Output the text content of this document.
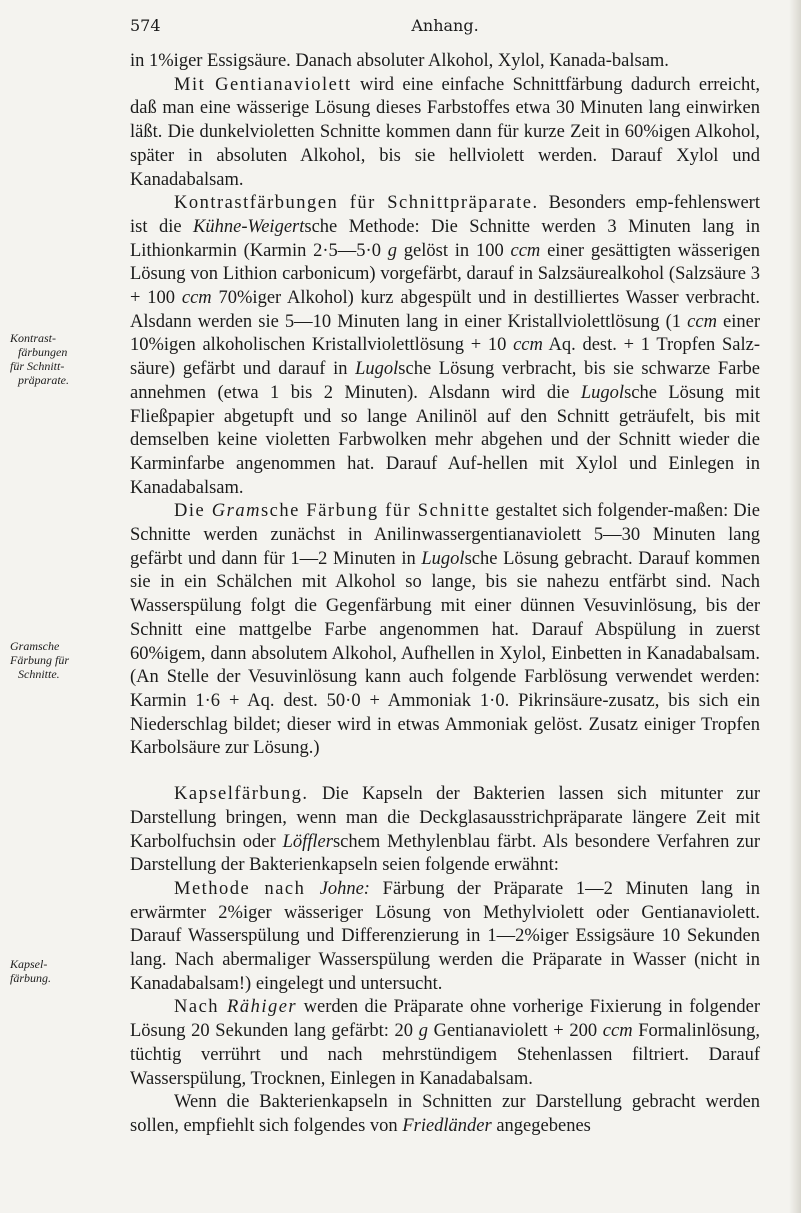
574	Anhang.
Kontrast-
färbungen
für Schnitt-
präparate.
Gramsche
Färbung für
Schnitte.
Kapsel-
färbung.

in 1%iger Essigsäure. Danach absoluter Alkohol, Xylol, Kanada-balsam.

Mit Gentianaviolett wird eine einfache Schnittfärbung dadurch erreicht, daß man eine wässerige Lösung dieses Farbstoffes etwa 30 Minuten lang einwirken läßt. Die dunkelvioletten Schnitte kommen dann für kurze Zeit in 60%igen Alkohol, später in absoluten Alkohol, bis sie hellviolett werden. Darauf Xylol und Kanadabalsam.

Kontrastfärbungen für Schnittpräparate. Besonders emp-fehlenswert ist die Kühne-Weigertsche Methode: Die Schnitte werden 3 Minuten lang in Lithionkarmin (Karmin 2·5—5·0 g gelöst in 100 ccm einer gesättigten wässerigen Lösung von Lithion carbonicum) vorgefärbt, darauf in Salzsäurealkohol (Salzsäure 3 + 100 ccm 70%iger Alkohol) kurz abgespült und in destilliertes Wasser verbracht. Alsdann werden sie 5—10 Minuten lang in einer Kristallviolettlösung (1 ccm einer 10%igen alkoholischen Kristallviolettlösung + 10 ccm Aq. dest. + 1 Tropfen Salz-säure) gefärbt und darauf in Lugolsche Lösung verbracht, bis sie schwarze Farbe annehmen (etwa 1 bis 2 Minuten). Alsdann wird die Lugolsche Lösung mit Fließpapier abgetupft und so lange Anilinöl auf den Schnitt geträufelt, bis mit demselben keine violetten Farbwolken mehr abgehen und der Schnitt wieder die Karminfarbe angenommen hat. Darauf Auf-hellen mit Xylol und Einlegen in Kanadabalsam.

Die Gramsche Färbung für Schnitte gestaltet sich folgender-maßen: Die Schnitte werden zunächst in Anilinwassergentianaviolett 5—30 Minuten lang gefärbt und dann für 1—2 Minuten in Lugolsche Lösung gebracht. Darauf kommen sie in ein Schälchen mit Alkohol so lange, bis sie nahezu entfärbt sind. Nach Wasserspülung folgt die Gegenfärbung mit einer dünnen Vesuvinlösung, bis der Schnitt eine mattgelbe Farbe angenommen hat. Darauf Abspülung in zuerst 60%igem, dann absolutem Alkohol, Aufhellen in Xylol, Einbetten in Kanadabalsam. (An Stelle der Vesuvinlösung kann auch folgende Farblösung verwendet werden: Karmin 1·6 + Aq. dest. 50·0 + Ammoniak 1·0. Pikrinsäure-zusatz, bis sich ein Niederschlag bildet; dieser wird in etwas Ammoniak gelöst. Zusatz einiger Tropfen Karbolsäure zur Lösung.)

Kapselfärbung. Die Kapseln der Bakterien lassen sich mitunter zur Darstellung bringen, wenn man die Deckglasausstrichpräparate längere Zeit mit Karbolfuchsin oder Löfflerschem Methylenblau färbt. Als besondere Verfahren zur Darstellung der Bakterienkapseln seien folgende erwähnt:

Methode nach Johne: Färbung der Präparate 1—2 Minuten lang in erwärmter 2%iger wässeriger Lösung von Methylviolett oder Gentianaviolett. Darauf Wasserspülung und Differenzierung in 1—2%iger Essigsäure 10 Sekunden lang. Nach abermaliger Wasserspülung werden die Präparate in Wasser (nicht in Kanadabalsam!) eingelegt und untersucht.

Nach Rähiger werden die Präparate ohne vorherige Fixierung in folgender Lösung 20 Sekunden lang gefärbt: 20 g Gentianaviolett + 200 ccm Formalinlösung, tüchtig verrührt und nach mehrstündigem Stehenlassen filtriert. Darauf Wasserspülung, Trocknen, Einlegen in Kanadabalsam.

Wenn die Bakterienkapseln in Schnitten zur Darstellung gebracht werden sollen, empfiehlt sich folgendes von Friedländer angegebenes
